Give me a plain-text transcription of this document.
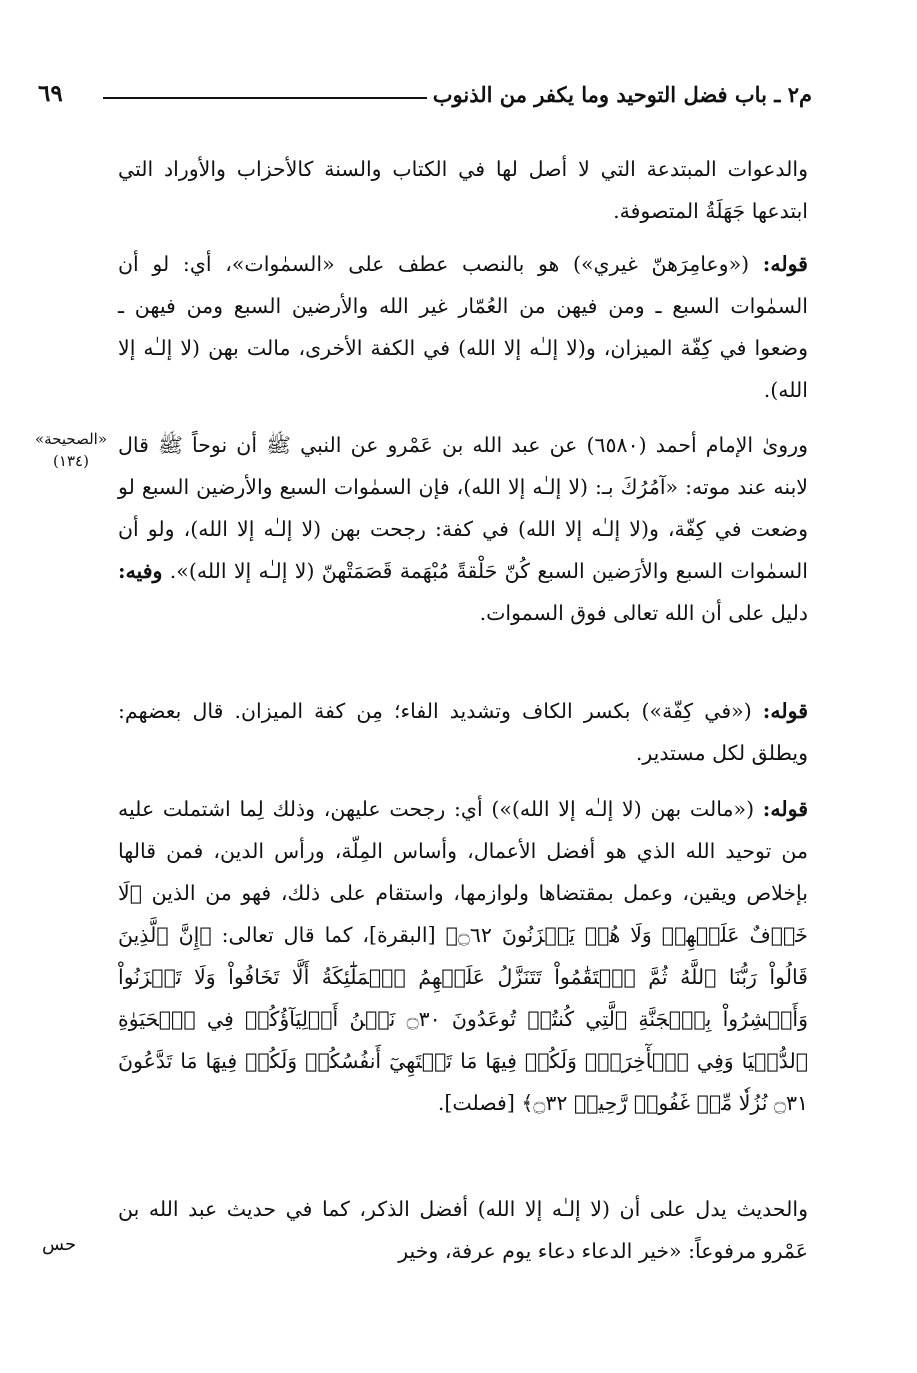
م٢ ـ باب فضل التوحيد وما يكفر من الذنوب
٦٩
«الصحيحة»
(١٣٤)

والدعوات المبتدعة التي لا أصل لها في الكتاب والسنة كالأحزاب والأوراد التي ابتدعها جَهَلَةُ المتصوفة.

قوله: («وعامِرَهنّ غيري») هو بالنصب عطف على «السمٰوات»، أي: لو أن السمٰوات السبع ـ ومن فيهن من العُمّار غير الله والأرضين السبع ومن فيهن ـ وضعوا في كِفّة الميزان، و(لا إلـٰه إلا الله) في الكفة الأخرى، مالت بهن (لا إلـٰه إلا الله).

وروىٰ الإمام أحمد (٦٥٨٠) عن عبد الله بن عَمْرو عن النبي ﷺ أن نوحاً ﷺ قال لابنه عند موته: «آمُرُكَ بـ: (لا إلـٰه إلا الله)، فإن السمٰوات السبع والأرضين السبع لو وضعت في كِفّة، و(لا إلـٰه إلا الله) في كفة: رجحت بهن (لا إلـٰه إلا الله)، ولو أن السمٰوات السبع والأرَضين السبع كُنّ حَلْقةً مُبْهَمة قَصَمَتْهنّ (لا إلـٰه إلا الله)». وفيه: دليل على أن الله تعالى فوق السموات.

قوله: («في كِفّة») بكسر الكاف وتشديد الفاء؛ مِن كفة الميزان. قال بعضهم: ويطلق لكل مستدير.

قوله: («مالت بهن (لا إلـٰه إلا الله)») أي: رجحت عليهن، وذلك لِما اشتملت عليه من توحيد الله الذي هو أفضل الأعمال، وأساس المِلّة، ورأس الدين، فمن قالها بإخلاص ويقين، وعمل بمقتضاها ولوازمها، واستقام على ذلك، فهو من الذين ﴿لَا خَوۡفٌ عَلَيۡهِمۡ وَلَا هُمۡ يَحۡزَنُونَ ۝٦٢﴾ [البقرة]، كما قال تعالى: ﴿إِنَّ ٱلَّذِينَ قَالُواْ رَبُّنَا ٱللَّهُ ثُمَّ ٱسۡتَقَٰمُواْ تَتَنَزَّلُ عَلَيۡهِمُ ٱلۡمَلَٰٓئِكَةُ أَلَّا تَخَافُواْ وَلَا تَحۡزَنُواْ وَأَبۡشِرُواْ بِٱلۡجَنَّةِ ٱلَّتِي كُنتُمۡ تُوعَدُونَ ۝٣٠ نَحۡنُ أَوۡلِيَآؤُكُمۡ فِي ٱلۡحَيَوٰةِ ٱلدُّنۡيَا وَفِي ٱلۡأٓخِرَةِۖ وَلَكُمۡ فِيهَا مَا تَشۡتَهِيٓ أَنفُسُكُمۡ وَلَكُمۡ فِيهَا مَا تَدَّعُونَ ۝٣١ نُزُلٗا مِّنۡ غَفُورٖ رَّحِيمٖ ۝٣٢﴾ [فصلت].

والحديث يدل على أن (لا إلـٰه إلا الله) أفضل الذكر، كما في حديث عبد الله بن عَمْرو مرفوعاً: «خير الدعاء دعاء يوم عرفة، وخير

حس
